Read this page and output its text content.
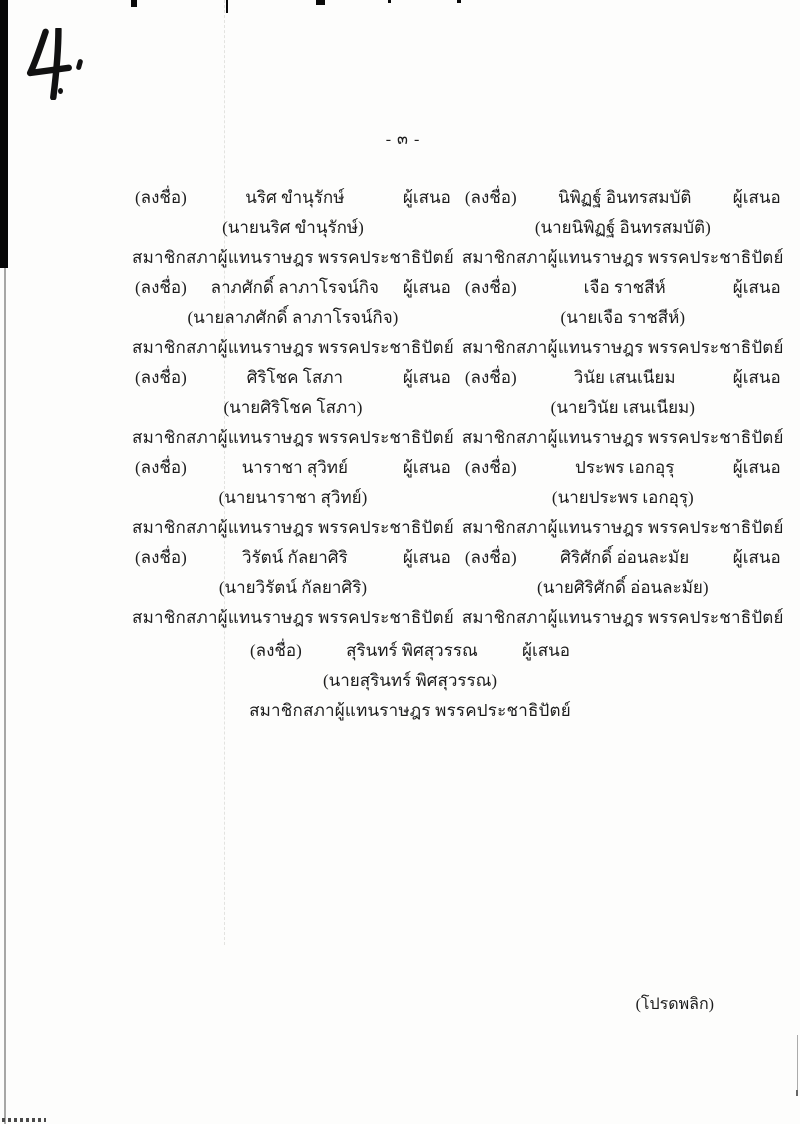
- ๓ -
(ลงชื่อ)	นริศ ขำนุรักษ์	ผู้เสนอ
(นายนริศ ขำนุรักษ์)
สมาชิกสภาผู้แทนราษฎร พรรคประชาธิปัตย์
(ลงชื่อ)	นิพิฏฐ์ อินทรสมบัติ	ผู้เสนอ
(นายนิพิฏฐ์ อินทรสมบัติ)
สมาชิกสภาผู้แทนราษฎร พรรคประชาธิปัตย์
(ลงชื่อ)	ลาภศักดิ์ ลาภาโรจน์กิจ	ผู้เสนอ
(นายลาภศักดิ์ ลาภาโรจน์กิจ)
สมาชิกสภาผู้แทนราษฎร พรรคประชาธิปัตย์
(ลงชื่อ)	เจือ ราชสีห์	ผู้เสนอ
(นายเจือ ราชสีห์)
สมาชิกสภาผู้แทนราษฎร พรรคประชาธิปัตย์
(ลงชื่อ)	ศิริโชค โสภา	ผู้เสนอ
(นายศิริโชค โสภา)
สมาชิกสภาผู้แทนราษฎร พรรคประชาธิปัตย์
(ลงชื่อ)	วินัย เสนเนียม	ผู้เสนอ
(นายวินัย เสนเนียม)
สมาชิกสภาผู้แทนราษฎร พรรคประชาธิปัตย์
(ลงชื่อ)	นาราชา สุวิทย์	ผู้เสนอ
(นายนาราชา สุวิทย์)
สมาชิกสภาผู้แทนราษฎร พรรคประชาธิปัตย์
(ลงชื่อ)	ประพร เอกอุรุ	ผู้เสนอ
(นายประพร เอกอุรุ)
สมาชิกสภาผู้แทนราษฎร พรรคประชาธิปัตย์
(ลงชื่อ)	วิรัตน์ กัลยาศิริ	ผู้เสนอ
(นายวิรัตน์ กัลยาศิริ)
สมาชิกสภาผู้แทนราษฎร พรรคประชาธิปัตย์
(ลงชื่อ)	ศิริศักดิ์ อ่อนละมัย	ผู้เสนอ
(นายศิริศักดิ์ อ่อนละมัย)
สมาชิกสภาผู้แทนราษฎร พรรคประชาธิปัตย์
(ลงชื่อ)	สุรินทร์ พิศสุวรรณ	ผู้เสนอ
(นายสุรินทร์ พิศสุวรรณ)
สมาชิกสภาผู้แทนราษฎร พรรคประชาธิปัตย์
(โปรดพลิก)
